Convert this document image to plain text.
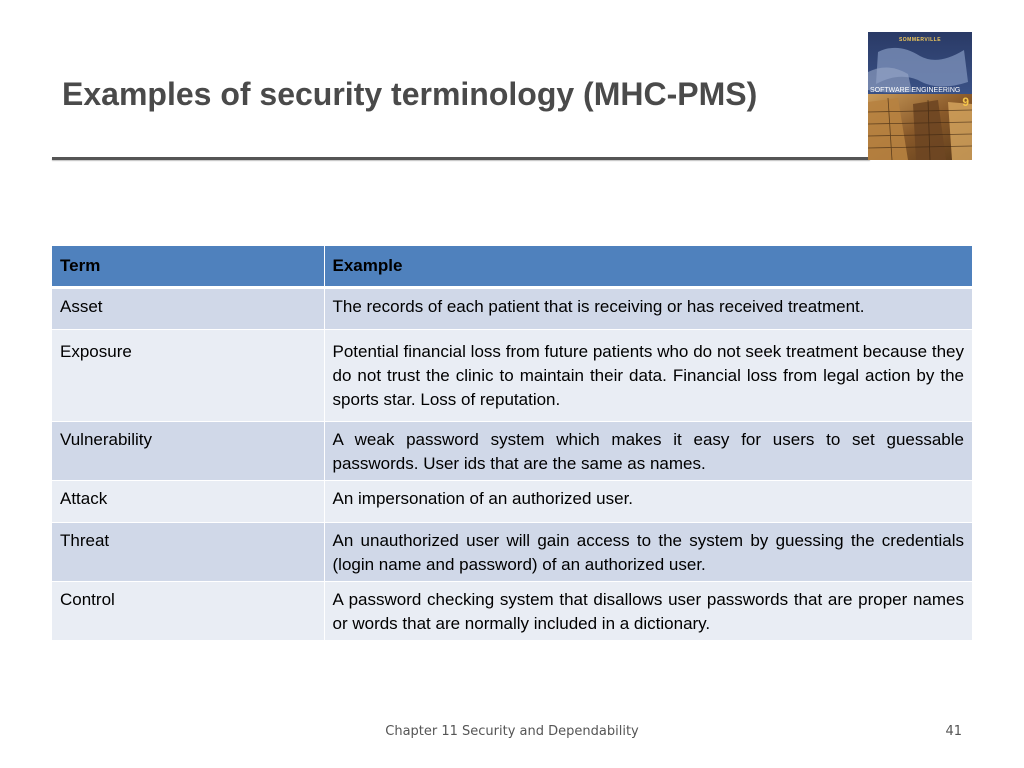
Examples of security terminology (MHC-PMS)
SOMMERVILLE
SOFTWARE ENGINEERING
9
Term	Example
Asset	The records of each patient that is receiving or has received treatment.
Exposure	Potential financial loss from future patients who do not seek treatment because they do not trust the clinic to maintain their data. Financial loss from legal action by the sports star. Loss of reputation.
Vulnerability	A weak password system which makes it easy for users to set guessable passwords. User ids that are the same as names.
Attack	An impersonation of an authorized user.
Threat	An unauthorized user will gain access to the system by guessing the credentials (login name and password) of an authorized user.
Control	A password checking system that disallows user passwords that are proper names or words that are normally included in a dictionary.
Chapter 11 Security and Dependability	41
